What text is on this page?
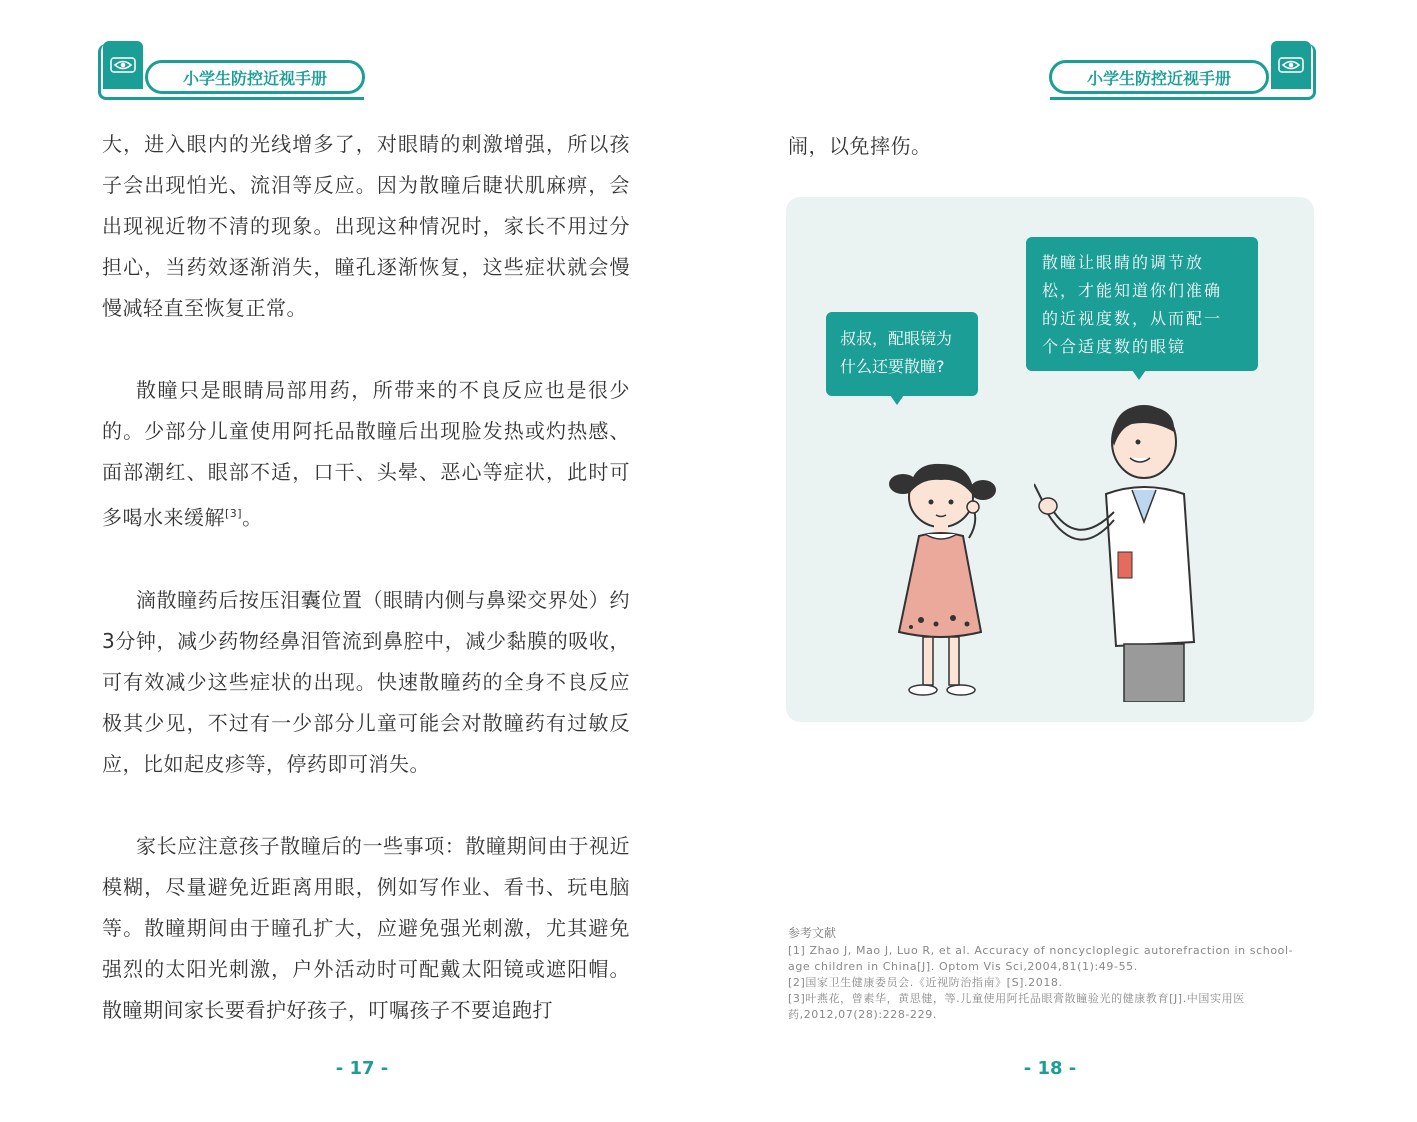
小学生防控近视手册

大，进入眼内的光线增多了，对眼睛的刺激增强，所以孩子会出现怕光、流泪等反应。因为散瞳后睫状肌麻痹，会出现视近物不清的现象。出现这种情况时，家长不用过分担心，当药效逐渐消失，瞳孔逐渐恢复，这些症状就会慢慢减轻直至恢复正常。

散瞳只是眼睛局部用药，所带来的不良反应也是很少的。少部分儿童使用阿托品散瞳后出现脸发热或灼热感、面部潮红、眼部不适，口干、头晕、恶心等症状，此时可多喝水来缓解[3]。

滴散瞳药后按压泪囊位置（眼睛内侧与鼻梁交界处）约3分钟，减少药物经鼻泪管流到鼻腔中，减少黏膜的吸收，可有效减少这些症状的出现。快速散瞳药的全身不良反应极其少见，不过有一少部分儿童可能会对散瞳药有过敏反应，比如起皮疹等，停药即可消失。

家长应注意孩子散瞳后的一些事项：散瞳期间由于视近模糊，尽量避免近距离用眼，例如写作业、看书、玩电脑等。散瞳期间由于瞳孔扩大，应避免强光刺激，尤其避免强烈的太阳光刺激，户外活动时可配戴太阳镜或遮阳帽。散瞳期间家长要看护好孩子，叮嘱孩子不要追跑打

- 17 -
小学生防控近视手册
闹，以免摔伤。
叔叔，配眼镜为
什么还要散瞳?
散瞳让眼睛的调节放
松，才能知道你们准确
的近视度数，从而配一
个合适度数的眼镜
参考文献

[1] Zhao J, Mao J, Luo R, et al. Accuracy of noncycloplegic autorefraction in school-age children in China[J]. Optom Vis Sci,2004,81(1):49-55.

[2]国家卫生健康委员会.《近视防治指南》[S].2018.

[3]叶燕花，曾素华，黄思健，等.儿童使用阿托品眼膏散瞳验光的健康教育[J].中国实用医药,2012,07(28):228-229.

- 18 -
